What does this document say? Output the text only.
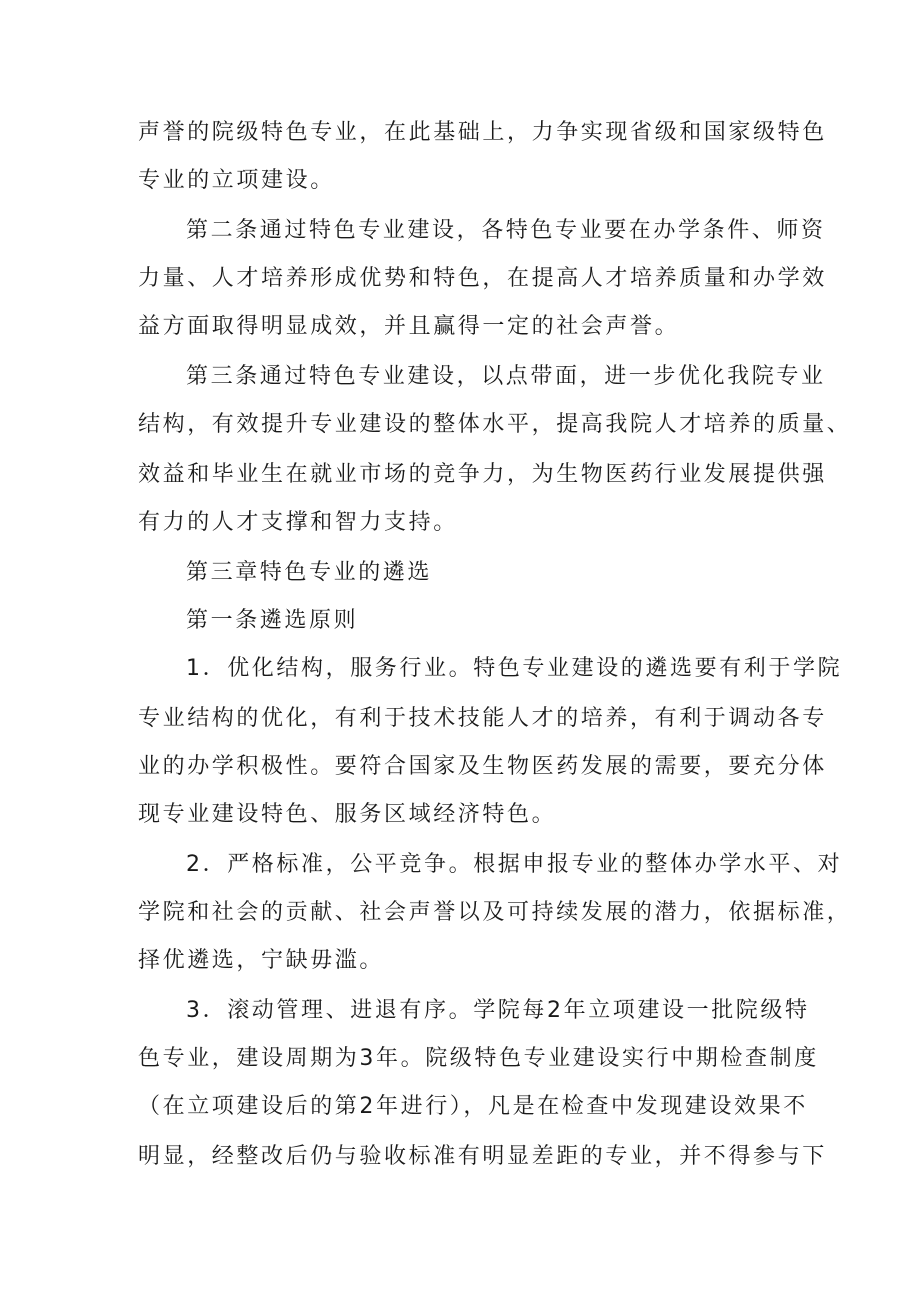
声誉的院级特色专业，在此基础上，力争实现省级和国家级特色
专业的立项建设。
第二条通过特色专业建设，各特色专业要在办学条件、师资
力量、人才培养形成优势和特色，在提高人才培养质量和办学效
益方面取得明显成效，并且赢得一定的社会声誉。
第三条通过特色专业建设，以点带面，进一步优化我院专业
结构，有效提升专业建设的整体水平，提高我院人才培养的质量、
效益和毕业生在就业市场的竞争力，为生物医药行业发展提供强
有力的人才支撑和智力支持。
第三章特色专业的遴选
第一条遴选原则
1．优化结构，服务行业。特色专业建设的遴选要有利于学院
专业结构的优化，有利于技术技能人才的培养，有利于调动各专
业的办学积极性。要符合国家及生物医药发展的需要，要充分体
现专业建设特色、服务区域经济特色。
2．严格标准，公平竞争。根据申报专业的整体办学水平、对
学院和社会的贡献、社会声誉以及可持续发展的潜力，依据标准，
择优遴选，宁缺毋滥。
3．滚动管理、进退有序。学院每2年立项建设一批院级特
色专业，建设周期为3年。院级特色专业建设实行中期检查制度
（在立项建设后的第2年进行），凡是在检查中发现建设效果不
明显，经整改后仍与验收标准有明显差距的专业，并不得参与下
